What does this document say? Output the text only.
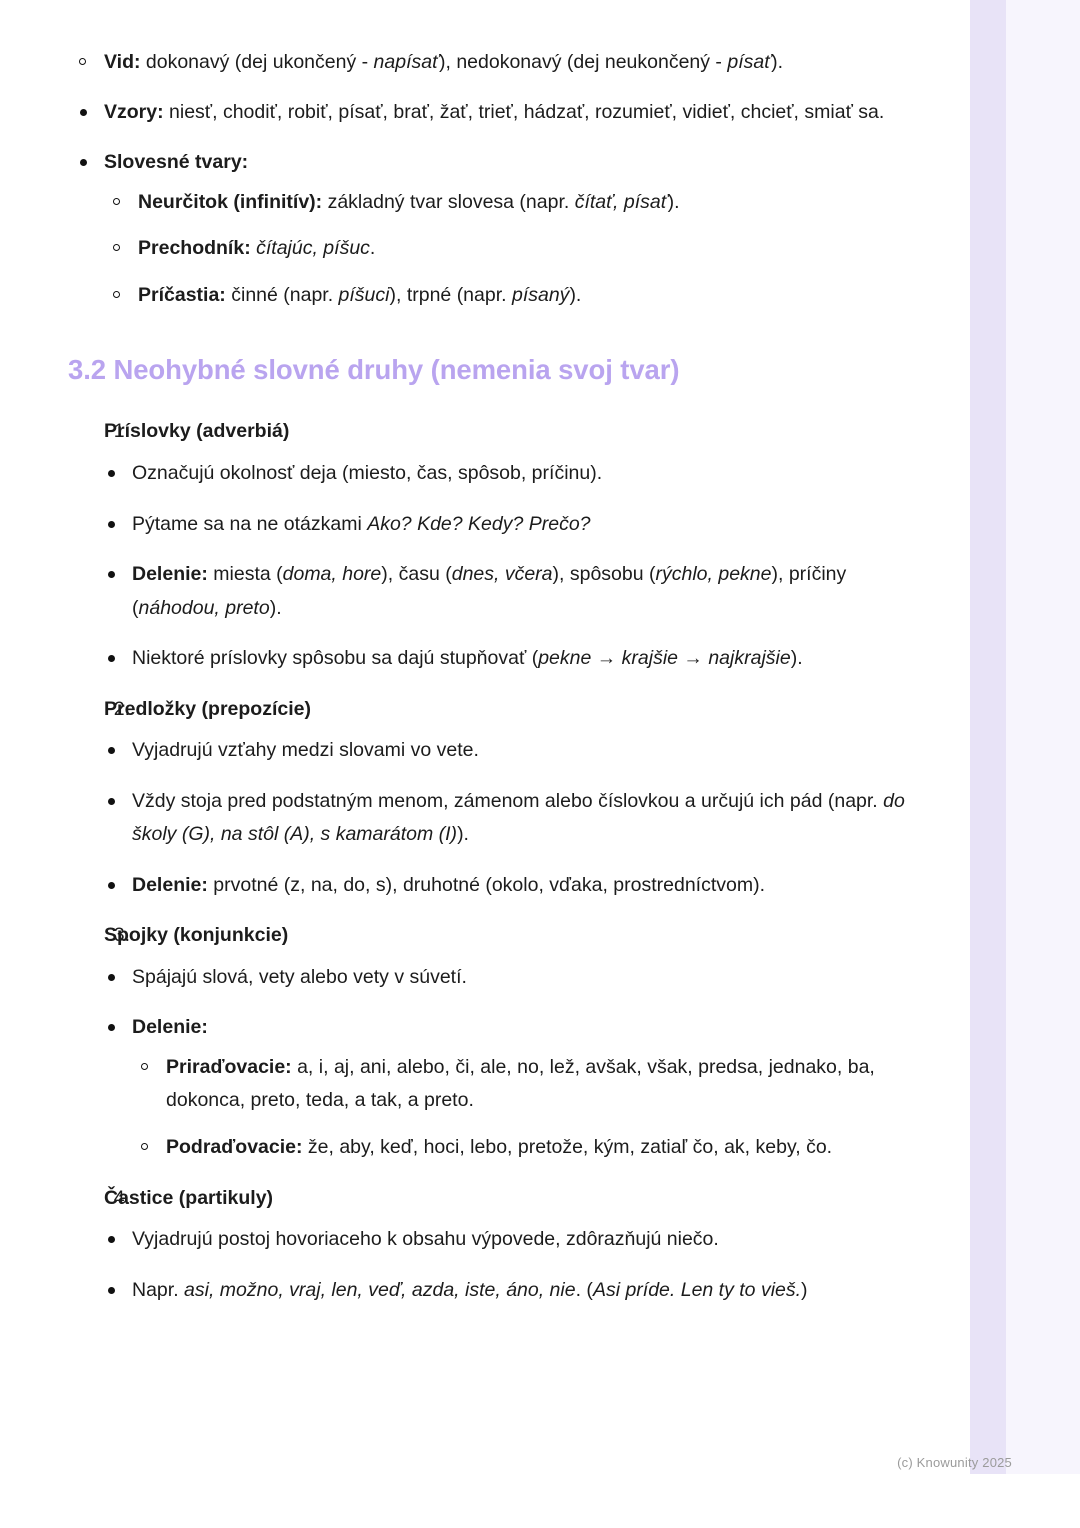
Vid: dokonavý (dej ukončený - napísať), nedokonavý (dej neukončený - písať).
Vzory: niesť, chodiť, robiť, písať, brať, žať, trieť, hádzať, rozumieť, vidieť, chcieť, smiať sa.
Slovesné tvary:
Neurčitok (infinitív): základný tvar slovesa (napr. čítať, písať).
Prechodník: čítajúc, píšuc.
Príčastia: činné (napr. píšuci), trpné (napr. písaný).
3.2 Neohybné slovné druhy (nemenia svoj tvar)
Príslovky (adverbiá)
Označujú okolnosť deja (miesto, čas, spôsob, príčinu).
Pýtame sa na ne otázkami Ako? Kde? Kedy? Prečo?
Delenie: miesta (doma, hore), času (dnes, včera), spôsobu (rýchlo, pekne), príčiny (náhodou, preto).
Niektoré príslovky spôsobu sa dajú stupňovať (pekne → krajšie → najkrajšie).
Predložky (prepozície)
Vyjadrujú vzťahy medzi slovami vo vete.
Vždy stoja pred podstatným menom, zámenom alebo číslovkou a určujú ich pád (napr. do školy (G), na stôl (A), s kamarátom (I)).
Delenie: prvotné (z, na, do, s), druhotné (okolo, vďaka, prostredníctvom).
Spojky (konjunkcie)
Spájajú slová, vety alebo vety v súvetí.
Delenie:
Priraďovacie: a, i, aj, ani, alebo, či, ale, no, lež, avšak, však, predsa, jednako, ba, dokonca, preto, teda, a tak, a preto.
Podraďovacie: že, aby, keď, hoci, lebo, pretože, kým, zatiaľ čo, ak, keby, čo.
Častice (partikuly)
Vyjadrujú postoj hovoriaceho k obsahu výpovede, zdôrazňujú niečo.
Napr. asi, možno, vraj, len, veď, azda, iste, áno, nie. (Asi príde. Len ty to vieš.)
(c) Knowunity 2025
